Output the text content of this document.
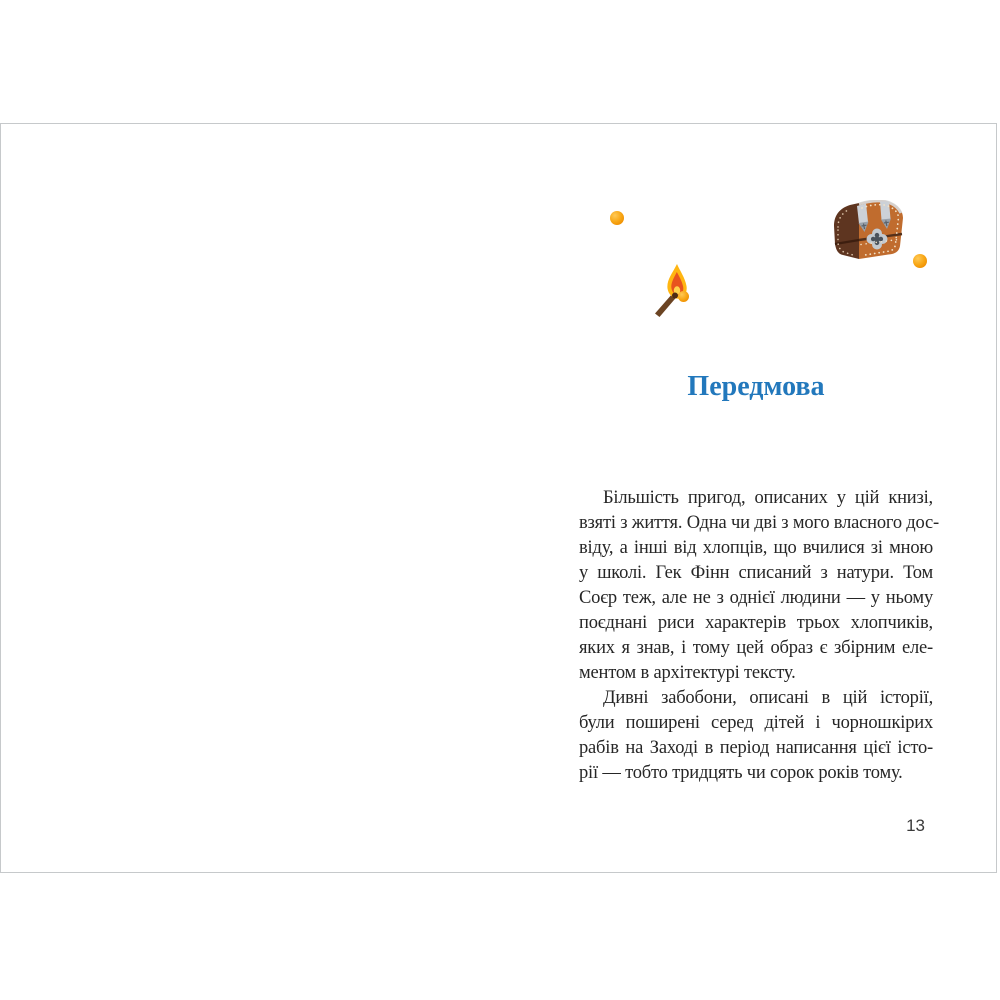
Передмова
Більшість пригод, описаних у цій книзі,
взяті з життя. Одна чи дві з мого власного дос-
віду, а інші від хлопців, що вчилися зі мною
у школі. Гек Фінн списаний з натури. Том
Соєр теж, але не з однієї людини — у ньому
поєднані риси характерів трьох хлопчиків,
яких я знав, і тому цей образ є збірним еле-
ментом в архітектурі тексту.
Дивні забобони, описані в цій історії,
були поширені серед дітей і чорношкірих
рабів на Заході в період написання цієї істо-
рії — тобто тридцять чи сорок років тому.
13
